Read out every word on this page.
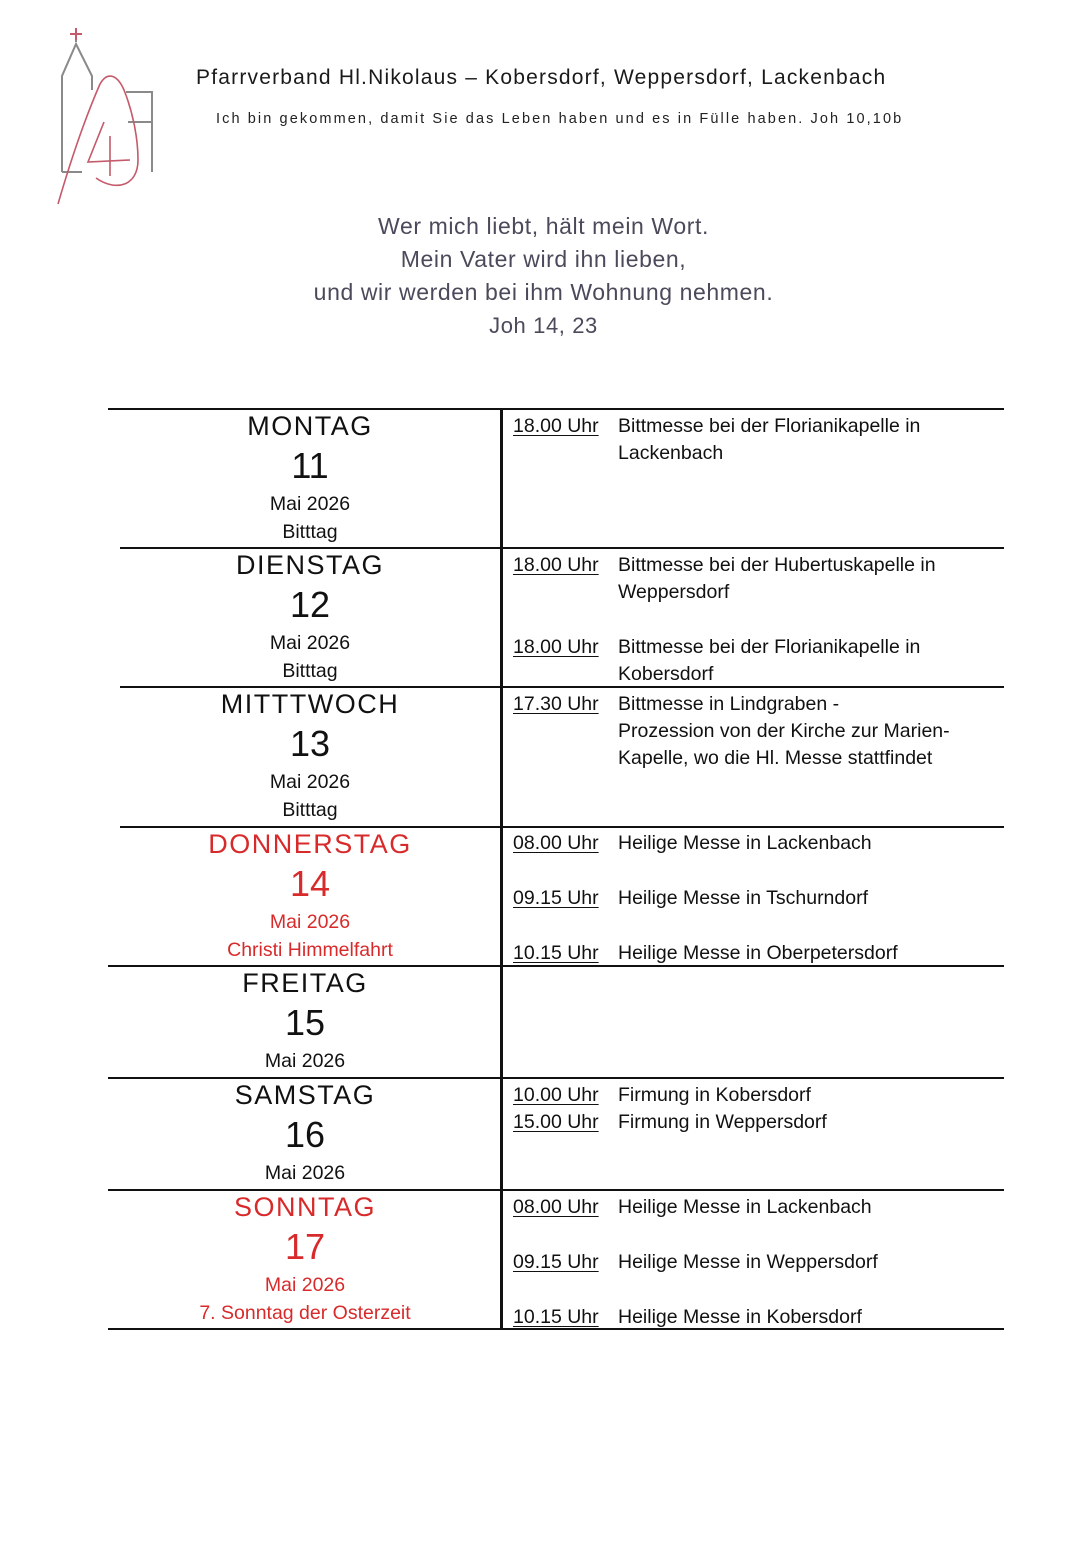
Pfarrverband Hl.Nikolaus – Kobersdorf, Weppersdorf, Lackenbach
Ich bin gekommen, damit Sie das Leben haben und es in Fülle haben. Joh 10,10b
Wer mich liebt, hält mein Wort.
Mein Vater wird ihn lieben,
und wir werden bei ihm Wohnung nehmen.
Joh 14, 23
MONTAG
11
Mai 2026
Bitttag
18.00 Uhr Bittmesse bei der Florianikapelle in
Lackenbach
DIENSTAG
12
Mai 2026
Bitttag
18.00 Uhr Bittmesse bei der Hubertuskapelle in
Weppersdorf
18.00 Uhr Bittmesse bei der Florianikapelle in
Kobersdorf
MITTTWOCH
13
Mai 2026
Bitttag
17.30 Uhr Bittmesse in Lindgraben -
Prozession von der Kirche zur Marien-
Kapelle, wo die Hl. Messe stattfindet
DONNERSTAG
14
Mai 2026
Christi Himmelfahrt
08.00 Uhr Heilige Messe in Lackenbach
09.15 Uhr Heilige Messe in Tschurndorf
10.15 Uhr Heilige Messe in Oberpetersdorf
FREITAG
15
Mai 2026
SAMSTAG
16
Mai 2026
10.00 Uhr Firmung in Kobersdorf
15.00 Uhr Firmung in Weppersdorf
SONNTAG
17
Mai 2026
7. Sonntag der Osterzeit
08.00 Uhr Heilige Messe in Lackenbach
09.15 Uhr Heilige Messe in Weppersdorf
10.15 Uhr Heilige Messe in Kobersdorf
